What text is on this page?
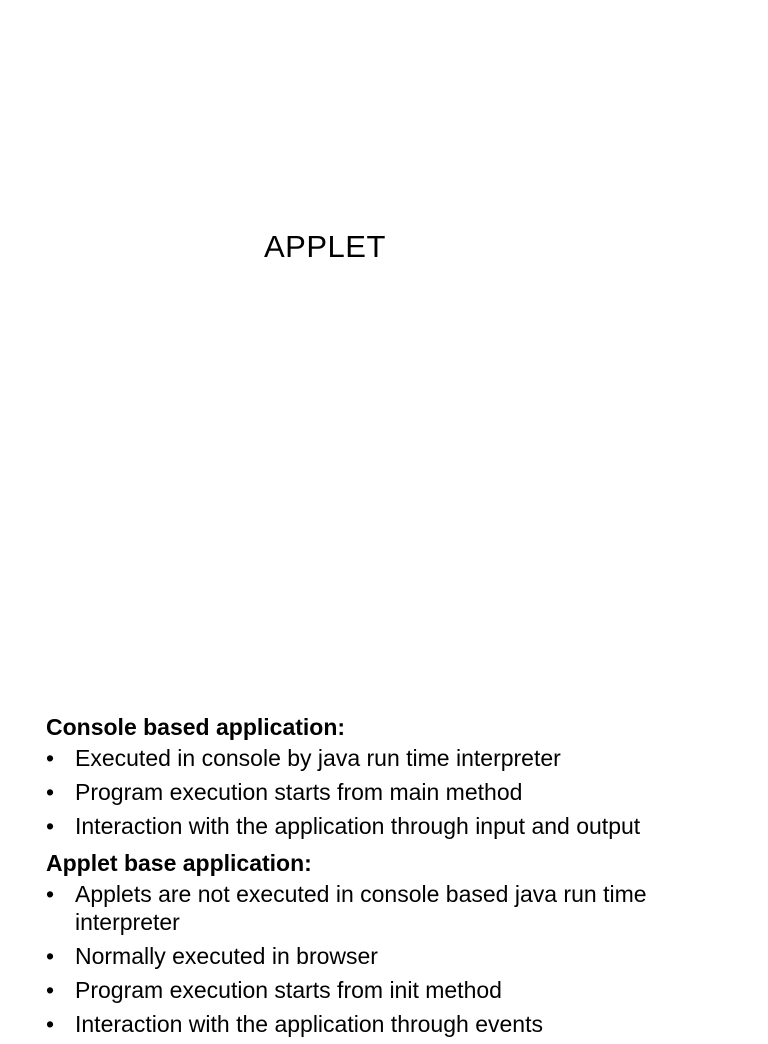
APPLET

Console based application:

• Executed in console by java run time interpreter
• Program execution starts from main method
• Interaction with the application through input and output

Applet base application:

• Applets are not executed in console based java run time interpreter
• Normally executed in browser
• Program execution starts from init method
• Interaction with the application through events
